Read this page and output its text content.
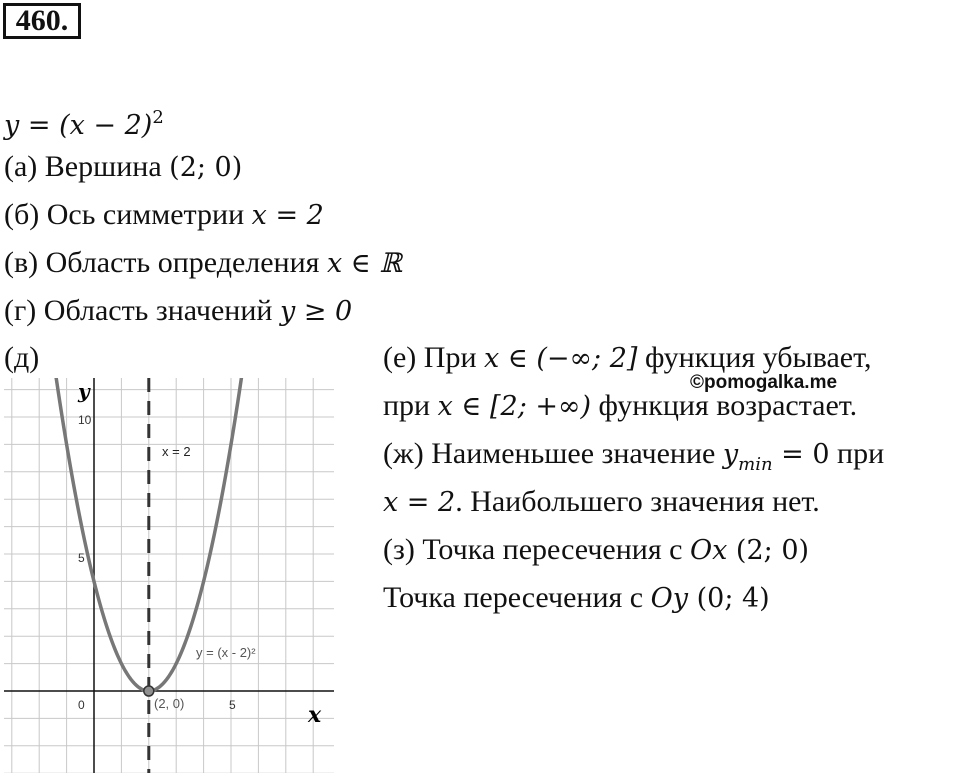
460.
$y = (x - 2)^2$
(а) Вершина (2; 0)
(б) Ось симметрии x = 2
(в) Область определения x ∈ ℝ
(г) Область значений y ≥ 0
(д)	(е) При x ∈ (−∞; 2] функция убывает,
при x ∈ [2; +∞) функция возрастает.
©pomogalka.me
(ж) Наименьшее значение $y_{min} = 0$ при
x = 2. Наибольшего значения нет.
(з) Точка пересечения с Ox (2; 0)
Точка пересечения с Oy (0; 4)
y
x
10
5
0	5
x = 2
y = (x - 2)²
(2, 0)
